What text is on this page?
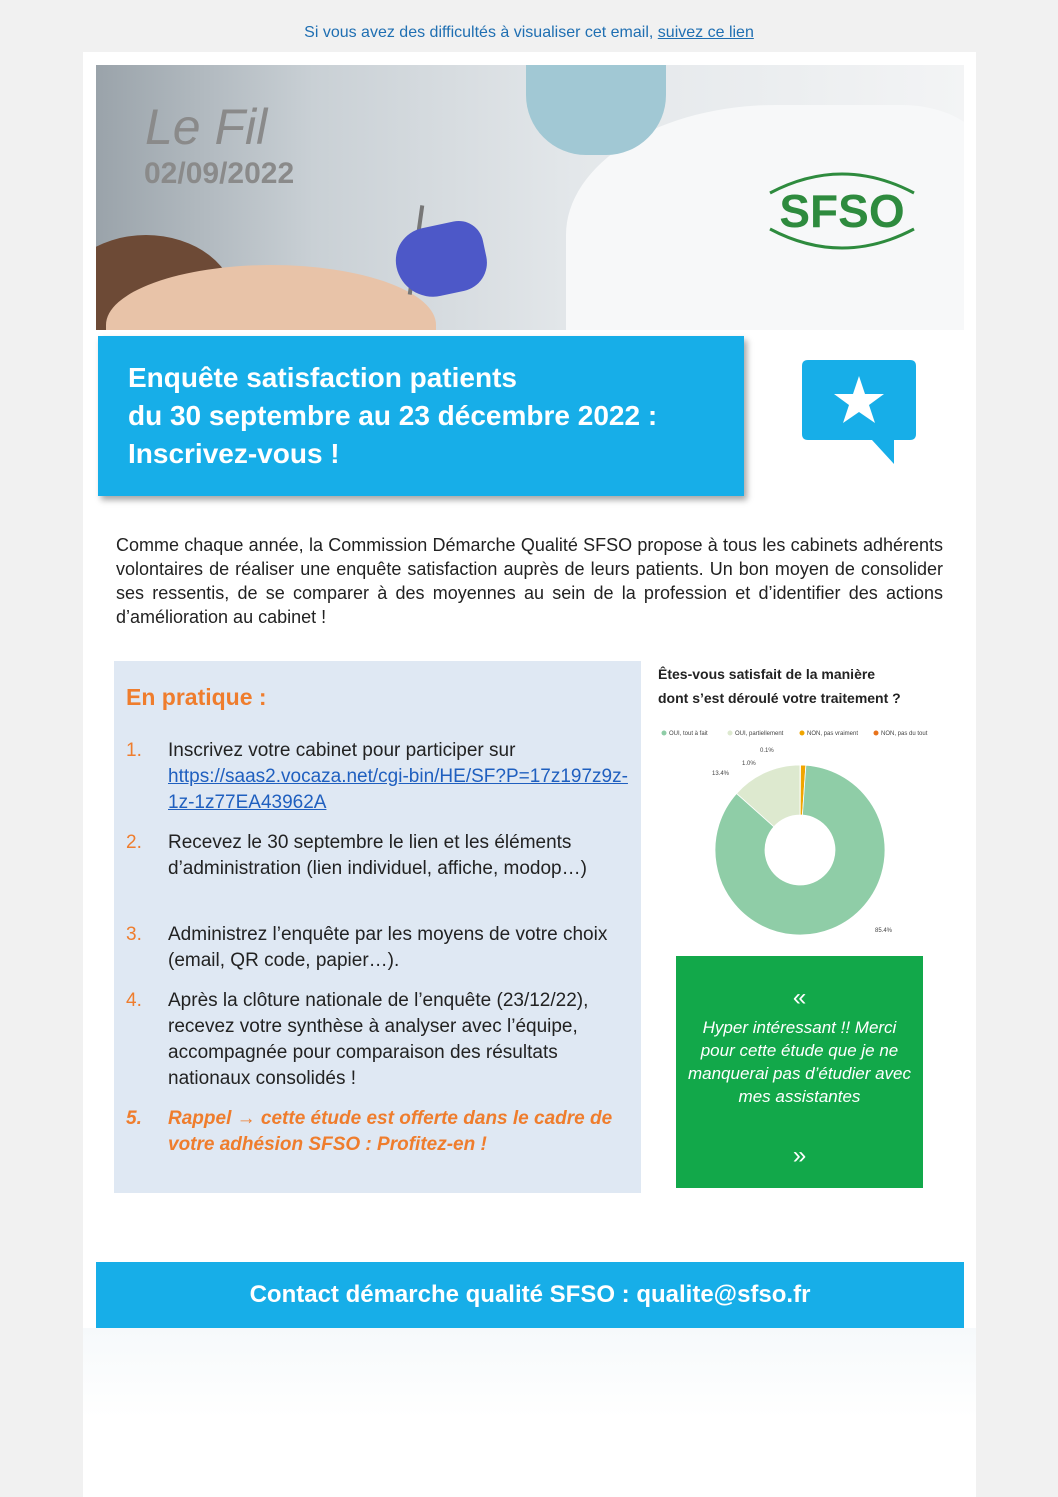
Si vous avez des difficultés à visualiser cet email, suivez ce lien
Le Fil
02/09/2022
SFSO
Enquête satisfaction patients
du 30 septembre au 23 décembre 2022 :
Inscrivez-vous !
Comme chaque année, la Commission Démarche Qualité SFSO propose à tous les cabinets adhérents volontaires de réaliser une enquête satisfaction auprès de leurs patients. Un bon moyen de consolider ses ressentis, de se comparer à des moyennes au sein de la profession et d’identifier des actions d’amélioration au cabinet !
En pratique :
1.	Inscrivez votre cabinet pour participer sur
https://saas2.vocaza.net/cgi-bin/HE/SF?P=17z197z9z-1z-1z77EA43962A
2.	Recevez le 30 septembre le lien et les éléments d’administration (lien individuel, affiche, modop…)
3.	Administrez l’enquête par les moyens de votre choix (email, QR code, papier…).
4.	Après la clôture nationale de l’enquête (23/12/22), recevez votre synthèse à analyser avec l’équipe, accompagnée pour comparaison des résultats nationaux consolidés !
5.	Rappel → cette étude est offerte dans le cadre de votre adhésion SFSO : Profitez-en !
Êtes-vous satisfait de la manière
dont s’est déroulé votre traitement ?
OUI, tout à fait	OUI, partiellement	NON, pas vraiment	NON, pas du tout
85.4%
13.4%
1.0%
0.1%
«
Hyper intéressant !! Merci pour cette étude que je ne manquerai pas d’étudier avec mes assistantes
»
Contact démarche qualité SFSO : qualite@sfso.fr
